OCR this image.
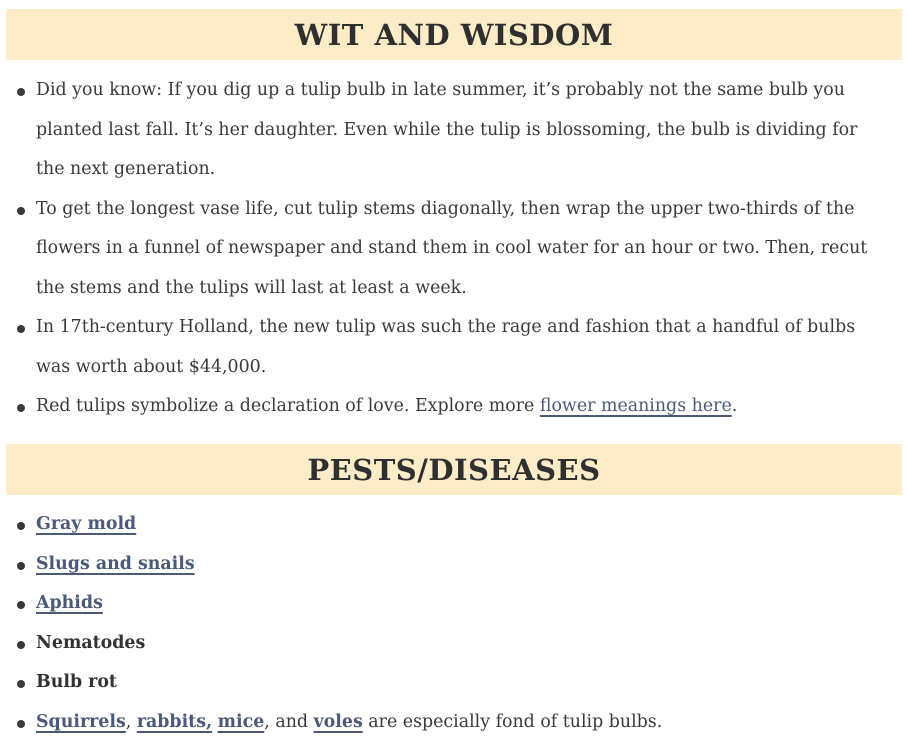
WIT AND WISDOM
Did you know: If you dig up a tulip bulb in late summer, it’s probably not the same bulb you planted last fall. It’s her daughter. Even while the tulip is blossoming, the bulb is dividing for the next generation.
To get the longest vase life, cut tulip stems diagonally, then wrap the upper two-thirds of the flowers in a funnel of newspaper and stand them in cool water for an hour or two. Then, recut the stems and the tulips will last at least a week.
In 17th-century Holland, the new tulip was such the rage and fashion that a handful of bulbs was worth about $44,000.
Red tulips symbolize a declaration of love. Explore more flower meanings here.
PESTS/DISEASES
Gray mold
Slugs and snails
Aphids
Nematodes
Bulb rot
Squirrels, rabbits, mice, and voles are especially fond of tulip bulbs.
